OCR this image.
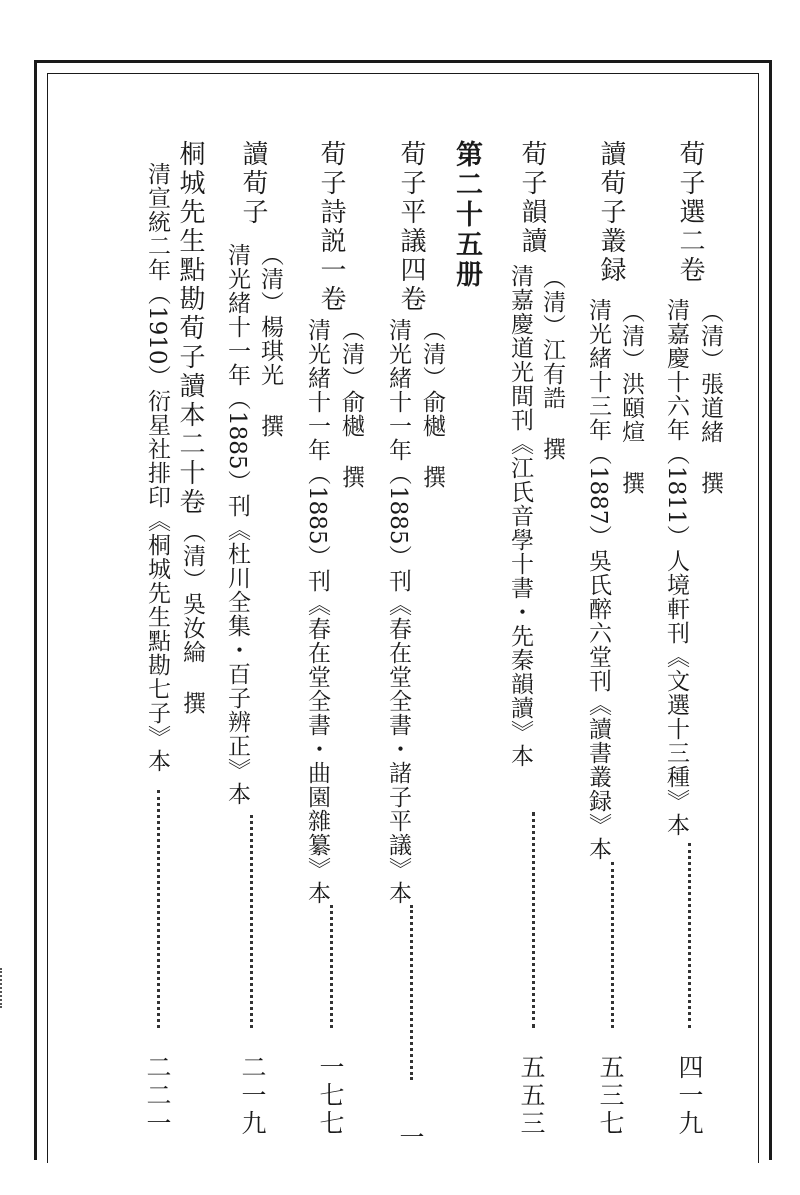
荀子選二卷
（清）張道緒 撰
清嘉慶十六年（1811）人境軒刊《文選十三種》本
四一九
讀荀子叢録
（清）洪頤煊 撰
清光緒十三年（1887）吳氏醉六堂刊《讀書叢録》本
五三七
荀子韻讀
（清）江有誥 撰
清嘉慶道光間刊《江氏音學十書・先秦韻讀》本
五五三
第二十五册
荀子平議四卷
（清）俞樾 撰
清光緒十一年（1885）刊《春在堂全書・諸子平議》本
一
荀子詩説一卷
（清）俞樾 撰
清光緒十一年（1885）刊《春在堂全書・曲園雜纂》本
一七七
讀荀子
（清）楊琪光 撰
清光緒十一年（1885）刊《杜川全集・百子辨正》本
二一九
桐城先生點勘荀子讀本二十卷
（清）吳汝綸 撰
清宣統二年（1910）衍星社排印《桐城先生點勘七子》本
二二一
